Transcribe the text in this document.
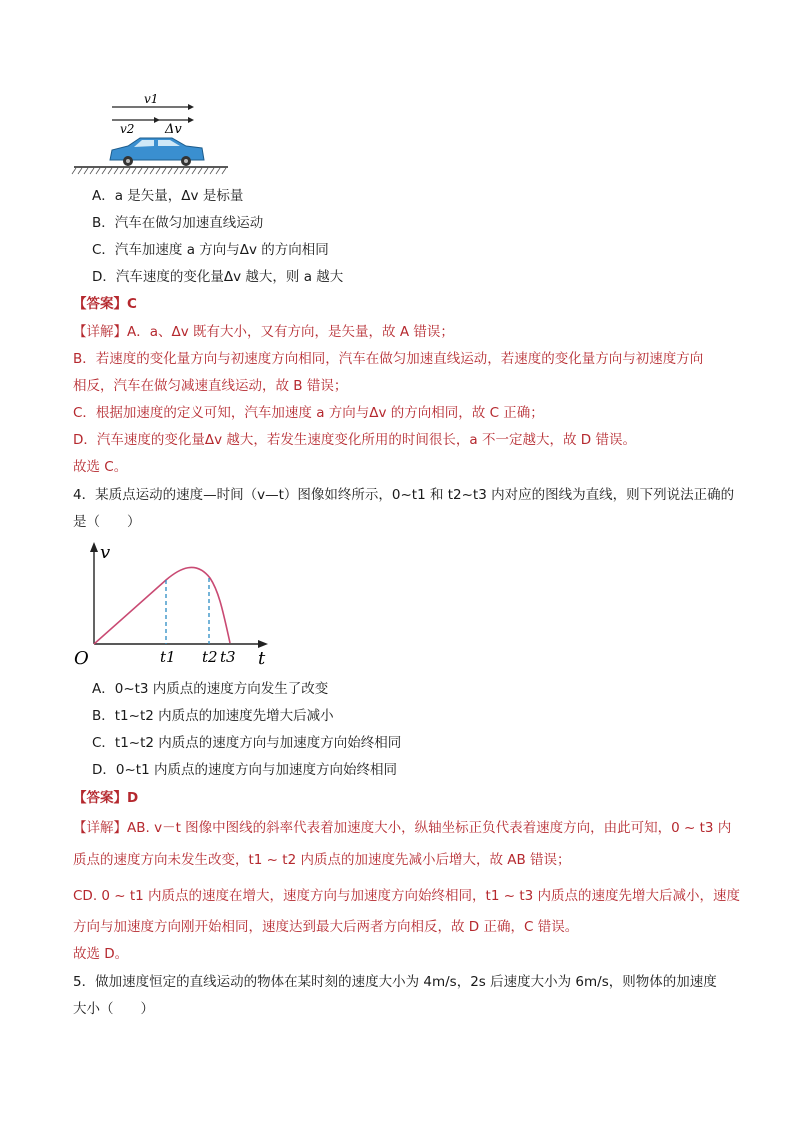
v1
v2 Δv
A．a 是矢量，Δv 是标量
B．汽车在做匀加速直线运动
C．汽车加速度 a 方向与Δv 的方向相同
D．汽车速度的变化量Δv 越大，则 a 越大
【答案】C
【详解】A．a、Δv 既有大小，又有方向，是矢量，故 A 错误；
B．若速度的变化量方向与初速度方向相同，汽车在做匀加速直线运动，若速度的变化量方向与初速度方向
相反，汽车在做匀减速直线运动，故 B 错误；
C．根据加速度的定义可知，汽车加速度 a 方向与Δv 的方向相同，故 C 正确；
D．汽车速度的变化量Δv 越大，若发生速度变化所用的时间很长，a 不一定越大，故 D 错误。
故选 C。
4．某质点运动的速度—时间（v—t）图像如终所示，0~t1 和 t2~t3 内对应的图线为直线，则下列说法正确的
是（　　）
v
t
O	t1 t2 t3
A．0~t3 内质点的速度方向发生了改变
B．t1~t2 内质点的加速度先增大后减小
C．t1~t2 内质点的速度方向与加速度方向始终相同
D．0~t1 内质点的速度方向与加速度方向始终相同
【答案】D
【详解】AB. v－t 图像中图线的斜率代表着加速度大小，纵轴坐标正负代表着速度方向，由此可知，0 ~ t3 内
质点的速度方向未发生改变，t1 ~ t2 内质点的加速度先减小后增大，故 AB 错误；
CD. 0 ~ t1 内质点的速度在增大，速度方向与加速度方向始终相同，t1 ~ t3 内质点的速度先增大后减小，速度
方向与加速度方向刚开始相同，速度达到最大后两者方向相反，故 D 正确，C 错误。
故选 D。
5．做加速度恒定的直线运动的物体在某时刻的速度大小为 4m/s，2s 后速度大小为 6m/s，则物体的加速度
大小（　　）
